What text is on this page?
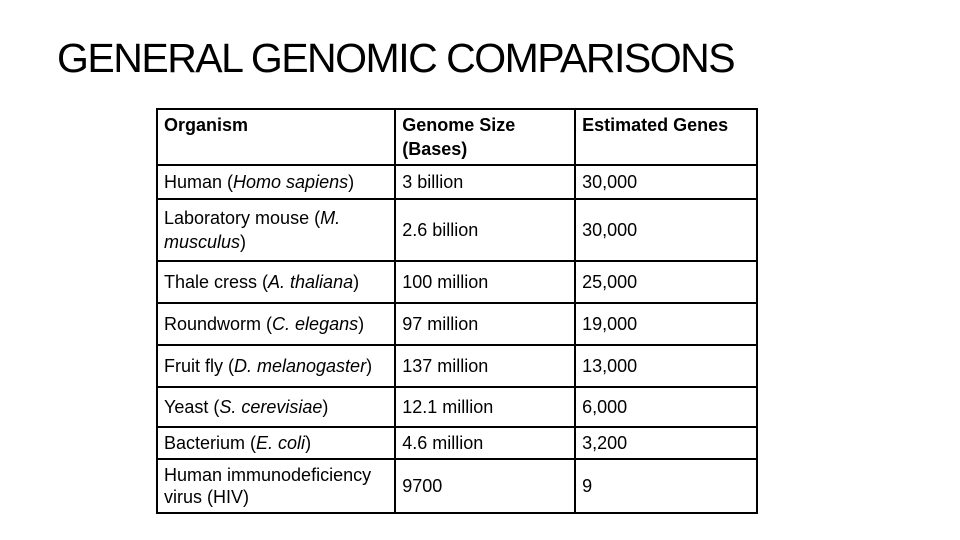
GENERAL GENOMIC COMPARISONS
Organism	Genome Size (Bases)	Estimated Genes
Human (Homo sapiens)	3 billion	30,000
Laboratory mouse (M. musculus)	2.6 billion	30,000
Thale cress (A. thaliana)	100 million	25,000
Roundworm (C. elegans)	97 million	19,000
Fruit fly (D. melanogaster)	137 million	13,000
Yeast (S. cerevisiae)	12.1 million	6,000
Bacterium (E. coli)	4.6 million	3,200
Human immunodeficiency virus (HIV)	9700	9
